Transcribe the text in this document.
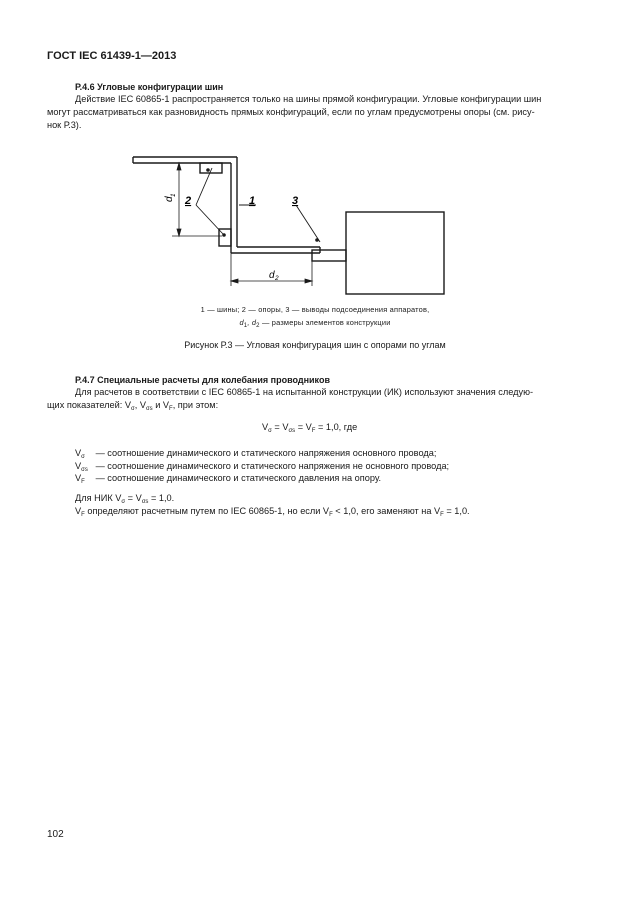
ГОСТ IEC 61439-1—2013
Р.4.6 Угловые конфигурации шин
Действие IEC 60865-1 распространяется только на шины прямой конфигурации. Угловые конфигурации шин
могут рассматриваться как разновидность прямых конфигураций, если по углам предусмотрены опоры (см. рису-
нок Р.3).
d
1
d 2
2	1	3
1 — шины; 2 — опоры, 3 — выводы подсоединения аппаратов,
$d_1$, $d_2$ — размеры элементов конструкции
Рисунок Р.3 — Угловая конфигурация шин с опорами по углам
Р.4.7 Специальные расчеты для колебания проводников
Для расчетов в соответствии с IEC 60865-1 на испытанной конструкции (ИК) используют значения следую-
щих показателей: $V_\sigma$, $V_{\sigma s}$ и $V_F$, при этом:
$V_\sigma = V_{\sigma s} = V_F = 1,0$, где
$V_\sigma$ — соотношение динамического и статического напряжения основного провода;
$V_{\sigma s}$ — соотношение динамического и статического напряжения не основного провода;
$V_F$ — соотношение динамического и статического давления на опору.
Для НИК $V_\sigma = V_{\sigma s} = 1,0$.
$V_F$ определяют расчетным путем по IEC 60865-1, но если $V_F < 1,0$, его заменяют на $V_F = 1,0$.
102
